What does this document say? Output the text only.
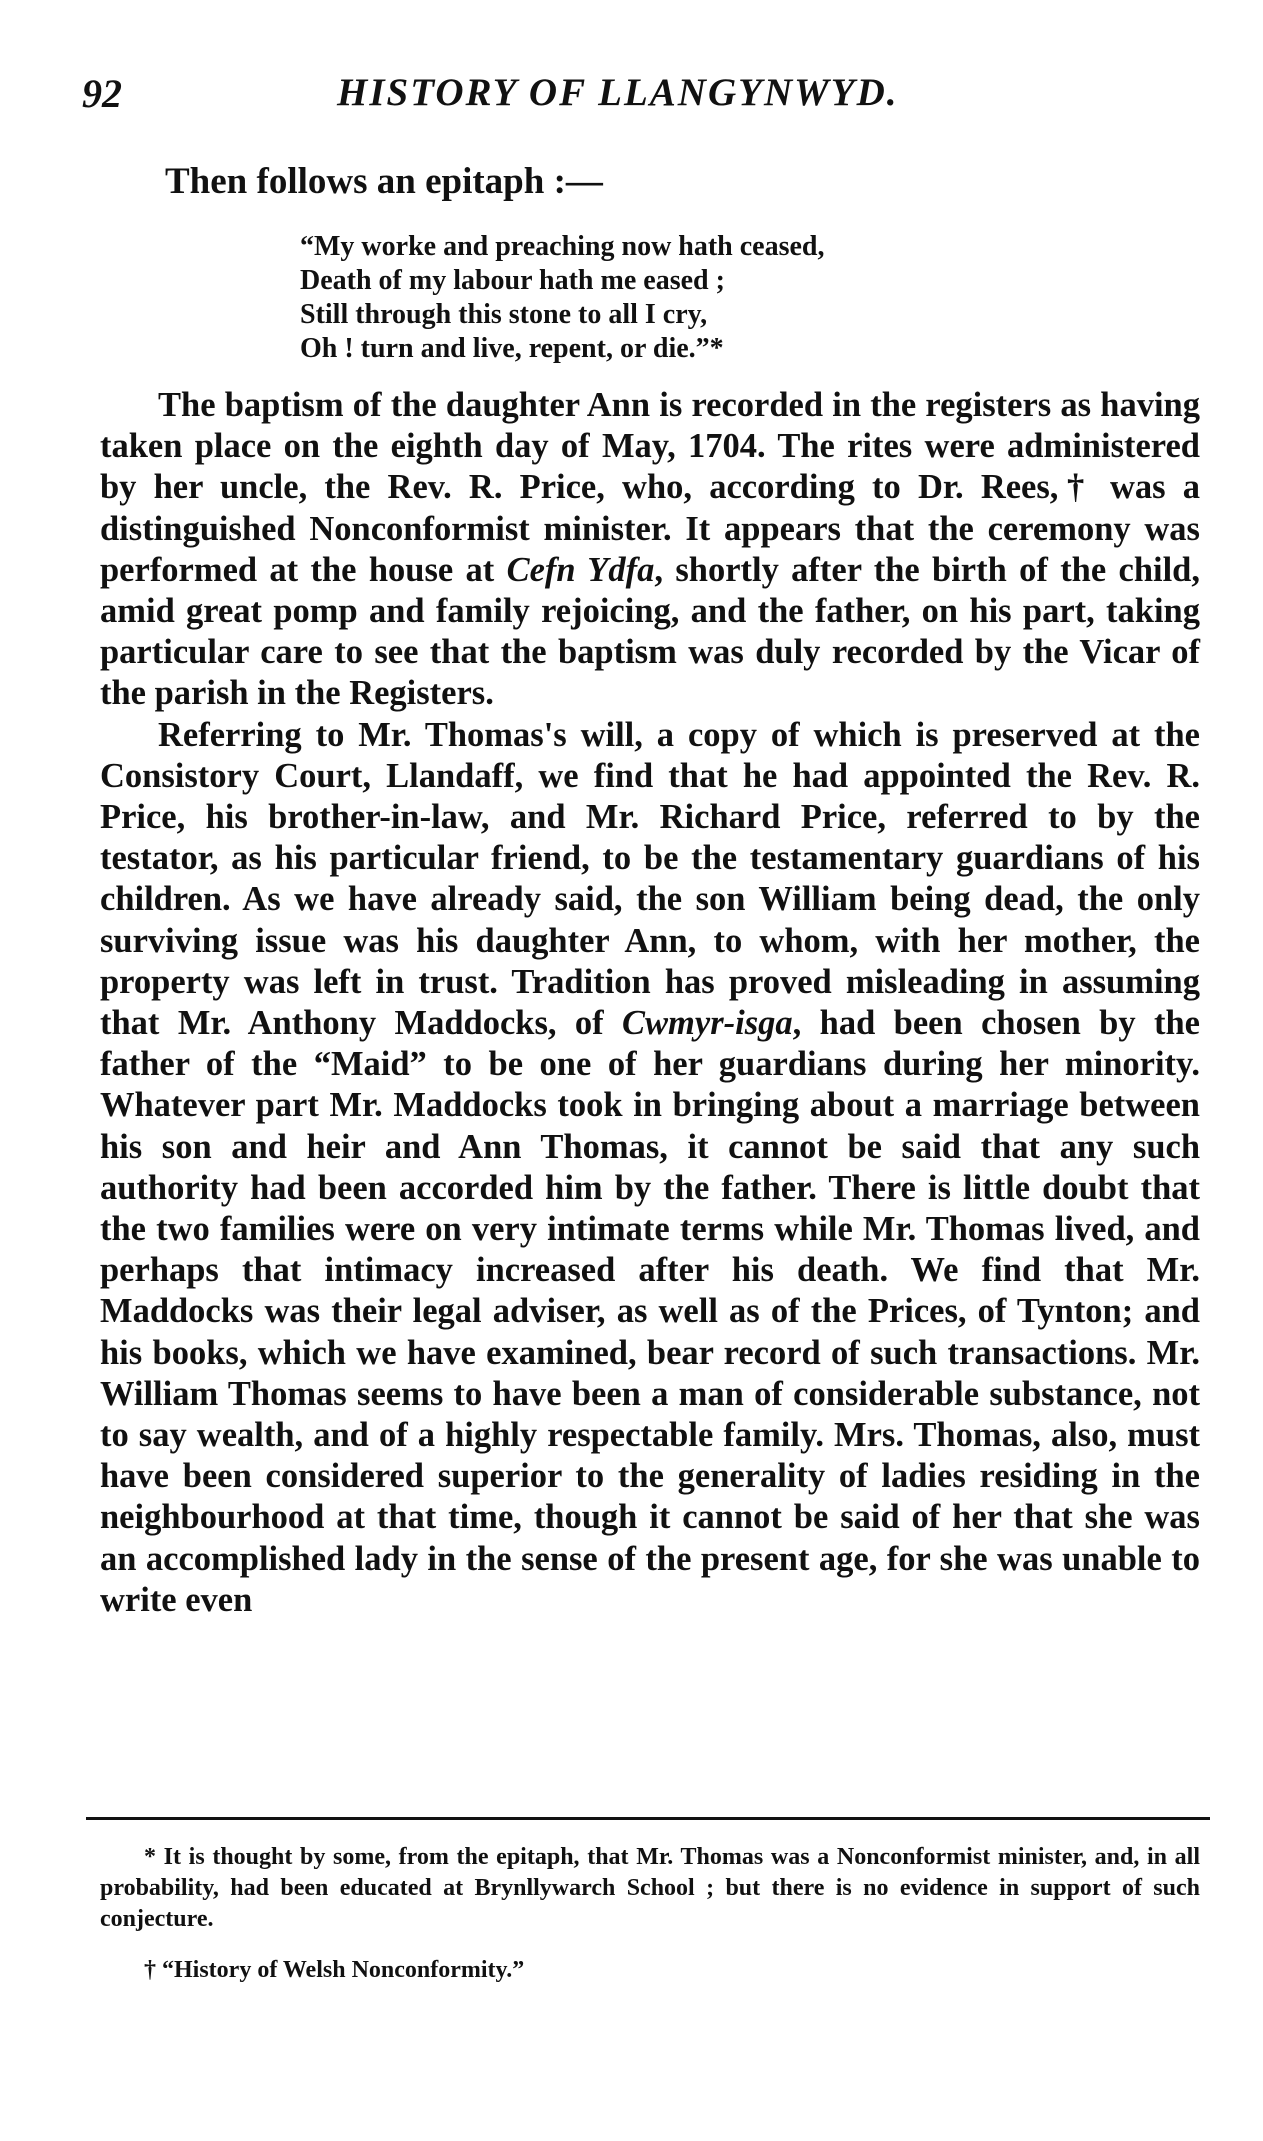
92	HISTORY OF LLANGYNWYD.
Then follows an epitaph :—
“My worke and preaching now hath ceased,
Death of my labour hath me eased ;
Still through this stone to all I cry,
Oh ! turn and live, repent, or die.”*

The baptism of the daughter Ann is recorded in the registers as having taken place on the eighth day of May, 1704. The rites were administered by her uncle, the Rev. R. Price, who, according to Dr. Rees,† was a distinguished Nonconformist minister. It appears that the ceremony was performed at the house at Cefn Ydfa, shortly after the birth of the child, amid great pomp and family rejoicing, and the father, on his part, taking particular care to see that the baptism was duly recorded by the Vicar of the parish in the Registers.

Referring to Mr. Thomas's will, a copy of which is preserved at the Consistory Court, Llandaff, we find that he had appointed the Rev. R. Price, his brother-in-law, and Mr. Richard Price, referred to by the testator, as his particular friend, to be the testamentary guardians of his children. As we have already said, the son William being dead, the only surviving issue was his daughter Ann, to whom, with her mother, the property was left in trust. Tradition has proved misleading in assuming that Mr. Anthony Maddocks, of Cwmyr-isga, had been chosen by the father of the “Maid” to be one of her guardians during her minority. Whatever part Mr. Maddocks took in bringing about a marriage between his son and heir and Ann Thomas, it cannot be said that any such authority had been accorded him by the father. There is little doubt that the two families were on very intimate terms while Mr. Thomas lived, and perhaps that intimacy increased after his death. We find that Mr. Maddocks was their legal adviser, as well as of the Prices, of Tynton; and his books, which we have examined, bear record of such transactions. Mr. William Thomas seems to have been a man of considerable substance, not to say wealth, and of a highly respectable family. Mrs. Thomas, also, must have been considered superior to the generality of ladies residing in the neighbourhood at that time, though it cannot be said of her that she was an accomplished lady in the sense of the present age, for she was unable to write even

* It is thought by some, from the epitaph, that Mr. Thomas was a Nonconformist minister, and, in all probability, had been educated at Brynllywarch School ; but there is no evidence in support of such conjecture.

† “History of Welsh Nonconformity.”
